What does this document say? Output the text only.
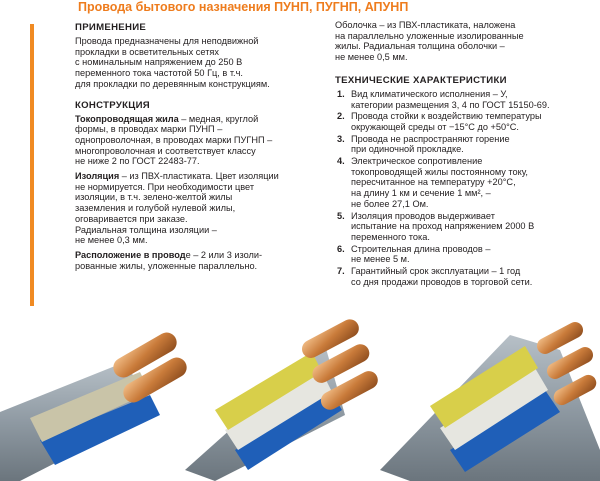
Провода бытового назначения ПУНП, ПУГНП, АПУНП
ПРИМЕНЕНИЕ
Провода предназначены для неподвижной
прокладки в осветительных сетях
с номинальным напряжением до 250 В
переменного тока частотой 50 Гц, в т.ч.
для прокладки по деревянным конструкциям.
КОНСТРУКЦИЯ
Токопроводящая жила – медная, круглой
формы, в проводах марки ПУНП –
однопроволочная, в проводах марки ПУГНП –
многопроволочная и соответствует классу
не ниже 2 по ГОСТ 22483-77.
Изоляция – из ПВХ-пластиката. Цвет изоляции
не нормируется. При необходимости цвет
изоляции, в т.ч. зелено-желтой жилы
заземления и голубой нулевой жилы,
оговаривается при заказе.
Радиальная толщина изоляции –
не менее 0,3 мм.
Расположение в проводе – 2 или 3 изоли-
рованные жилы, уложенные параллельно.
Оболочка – из ПВХ-пластиката, наложена
на параллельно уложенные изолированные
жилы. Радиальная толщина оболочки –
не менее 0,5 мм.
ТЕХНИЧЕСКИЕ ХАРАКТЕРИСТИКИ
1. Вид климатического исполнения – У,
категории размещения 3, 4 по ГОСТ 15150-69.
2. Провода стойки к воздействию температуры
окружающей среды от −15°С до +50°С.
3. Провода не распространяют горение
при одиночной прокладке.
4. Электрическое сопротивление
токопроводящей жилы постоянному току,
пересчитанное на температуру +20°С,
на длину 1 км и сечение 1 мм², –
не более 27,1 Ом.
5. Изоляция проводов выдерживает
испытание на проход напряжением 2000 В
переменного тока.
6. Строительная длина проводов –
не менее 5 м.
7. Гарантийный срок эксплуатации – 1 год
со дня продажи проводов в торговой сети.
